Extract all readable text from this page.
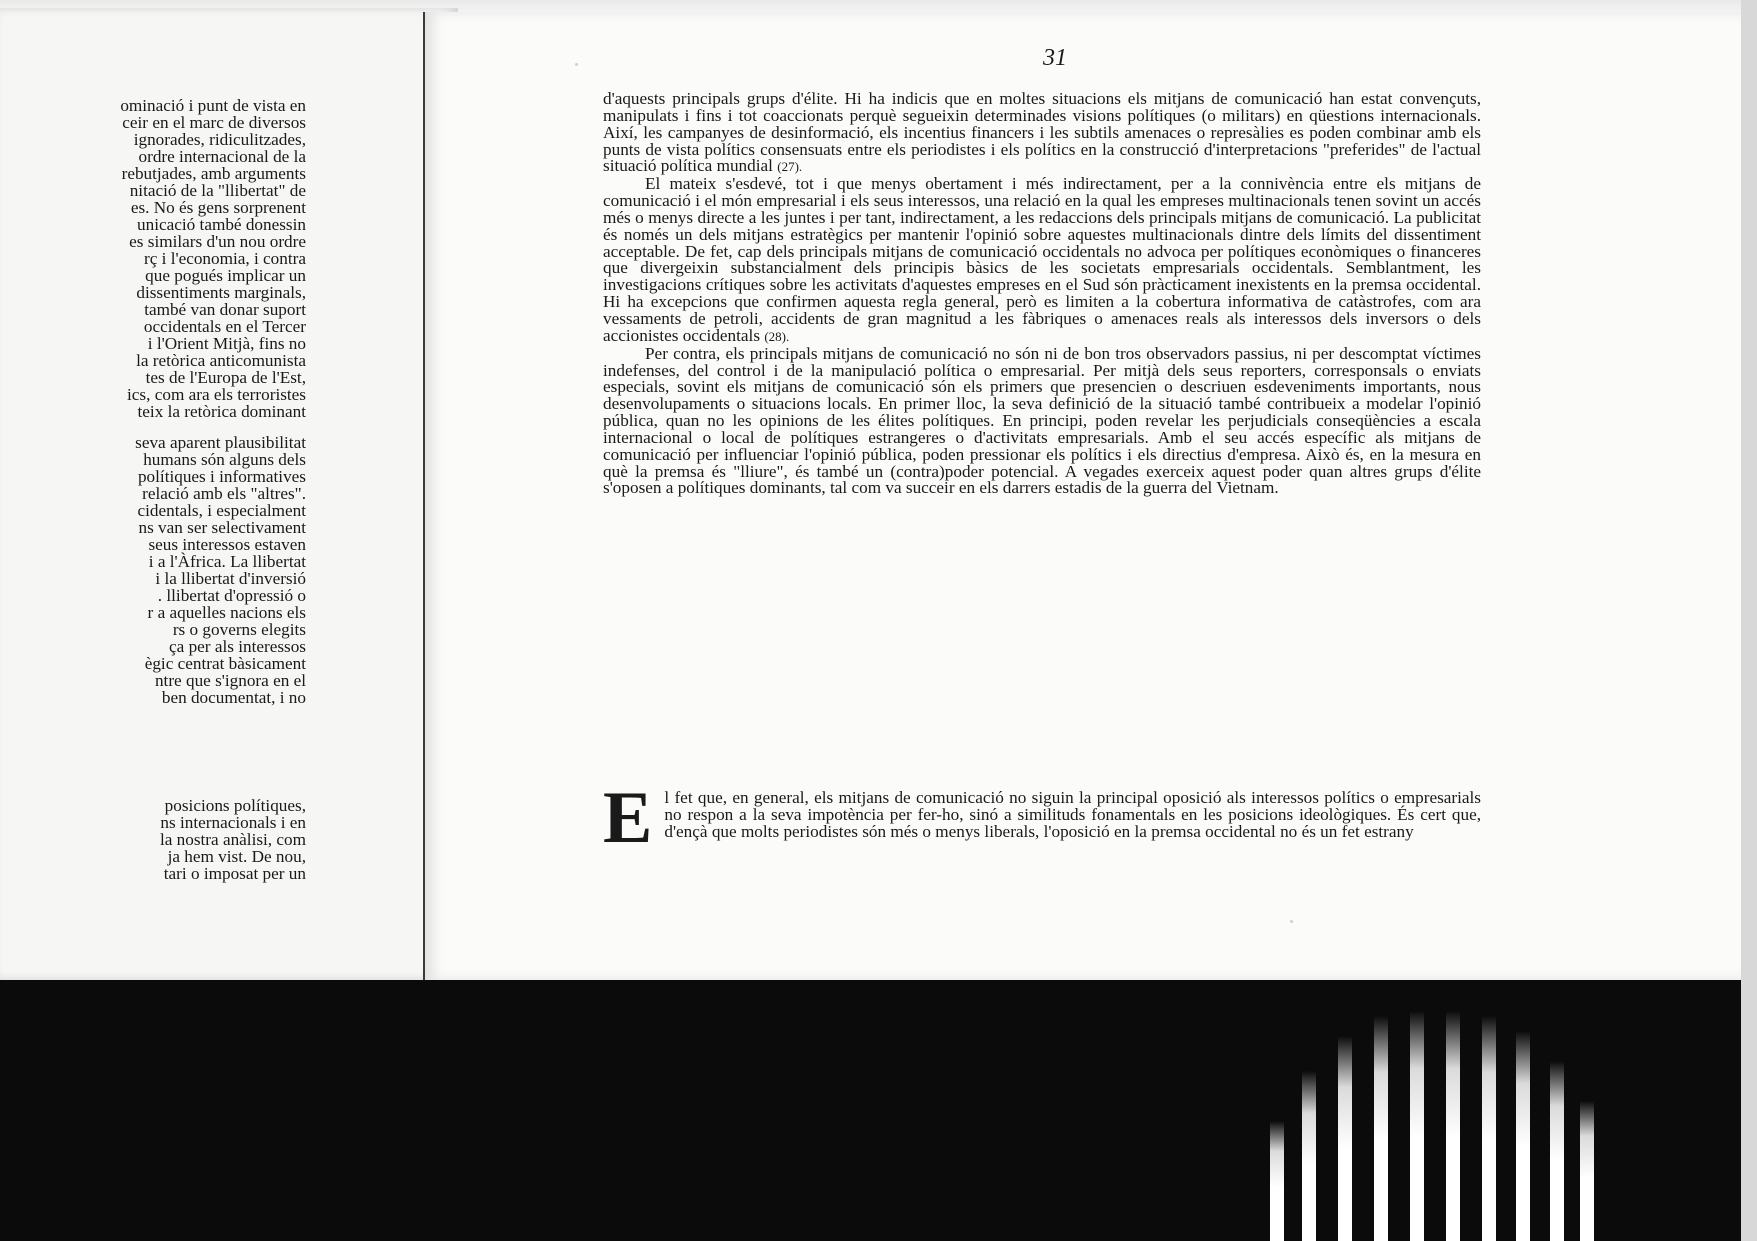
ominació i punt de vista en
ceir en el marc de diversos
ignorades, ridiculitzades,
ordre internacional de la
rebutjades, amb arguments
nitació de la "llibertat" de
es. No és gens sorprenent
unicació també donessin
es similars d'un nou ordre
rç i l'economia, i contra
que pogués implicar un
dissentiments marginals,
també van donar suport
occidentals en el Tercer
i l'Orient Mitjà, fins no
la retòrica anticomunista
tes de l'Europa de l'Est,
ics, com ara els terroristes
teix la retòrica dominant
seva aparent plausibilitat
humans són alguns dels
polítiques i informatives
relació amb els "altres".
cidentals, i especialment
ns van ser selectivament
seus interessos estaven
i a l'Àfrica. La llibertat
i la llibertat d'inversió
. llibertat d'opressió o
r a aquelles nacions els
rs o governs elegits
ça per als interessos
ègic centrat bàsicament
ntre que s'ignora en el
ben documentat, i no
posicions polítiques,
ns internacionals i en
la nostra anàlisi, com
ja hem vist. De nou,
tari o imposat per un
31

d'aquests principals grups d'élite. Hi ha indicis que en moltes situacions els mitjans de comunicació han estat convençuts, manipulats i fins i tot coaccionats perquè segueixin determinades visions polítiques (o militars) en qüestions internacionals. Així, les campanyes de desinformació, els incentius financers i les subtils amenaces o represàlies es poden combinar amb els punts de vista polítics consensuats entre els periodistes i els polítics en la construcció d'interpretacions "preferides" de l'actual situació política mundial (27).

El mateix s'esdevé, tot i que menys obertament i més indirectament, per a la connivència entre els mitjans de comunicació i el món empresarial i els seus interessos, una relació en la qual les empreses multinacionals tenen sovint un accés més o menys directe a les juntes i per tant, indirectament, a les redaccions dels principals mitjans de comunicació. La publicitat és només un dels mitjans estratègics per mantenir l'opinió sobre aquestes multinacionals dintre dels límits del dissentiment acceptable. De fet, cap dels principals mitjans de comunicació occidentals no advoca per polítiques econòmiques o financeres que divergeixin substancialment dels principis bàsics de les societats empresarials occidentals. Semblantment, les investigacions crítiques sobre les activitats d'aquestes empreses en el Sud són pràcticament inexistents en la premsa occidental. Hi ha excepcions que confirmen aquesta regla general, però es limiten a la cobertura informativa de catàstrofes, com ara vessaments de petroli, accidents de gran magnitud a les fàbriques o amenaces reals als interessos dels inversors o dels accionistes occidentals (28).

Per contra, els principals mitjans de comunicació no són ni de bon tros observadors passius, ni per descomptat víctimes indefenses, del control i de la manipulació política o empresarial. Per mitjà dels seus reporters, corresponsals o enviats especials, sovint els mitjans de comunicació són els primers que presencien o descriuen esdeveniments importants, nous desenvolupaments o situacions locals. En primer lloc, la seva definició de la situació també contribueix a modelar l'opinió pública, quan no les opinions de les élites polítiques. En principi, poden revelar les perjudicials conseqüències a escala internacional o local de polítiques estrangeres o d'activitats empresarials. Amb el seu accés específic als mitjans de comunicació per influenciar l'opinió pública, poden pressionar els polítics i els directius d'empresa. Això és, en la mesura en què la premsa és "lliure", és també un (contra)poder potencial. A vegades exerceix aquest poder quan altres grups d'élite s'oposen a polítiques dominants, tal com va succeir en els darrers estadis de la guerra del Vietnam.

El fet que, en general, els mitjans de comunicació no siguin la principal oposició als interessos polítics o empresarials no respon a la seva impotència per fer-ho, sinó a similituds fonamentals en les posicions ideològiques. És cert que, d'ençà que molts periodistes són més o menys liberals, l'oposició en la premsa occidental no és un fet estrany
